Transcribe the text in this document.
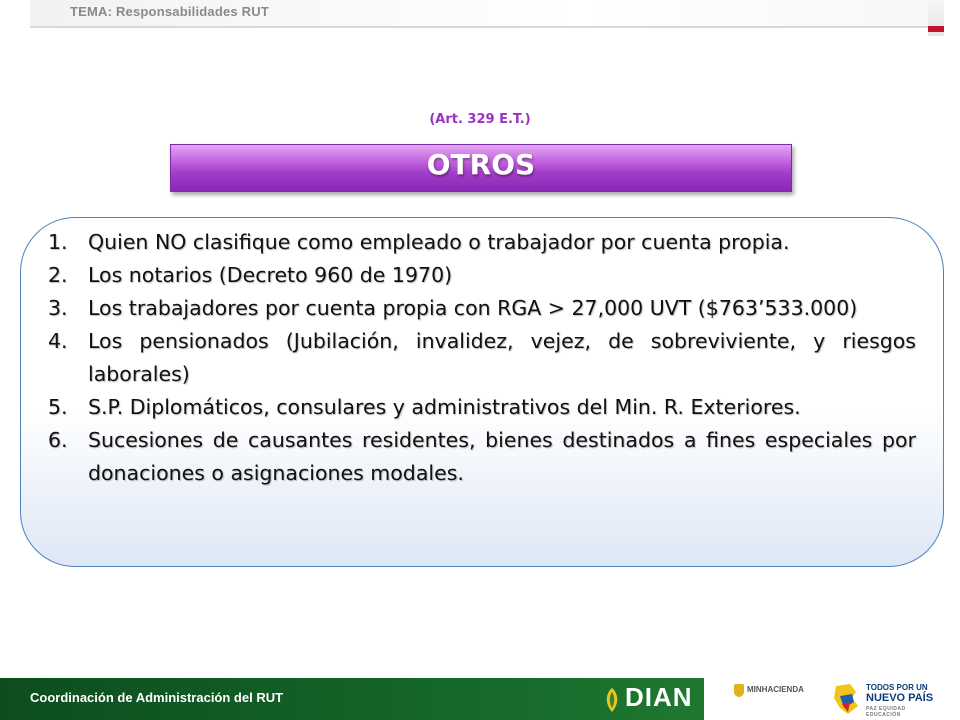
TEMA: Responsabilidades RUT
(Art. 329 E.T.)
OTROS
1. Quien NO clasifique como empleado o trabajador por cuenta propia.
2. Los notarios (Decreto 960 de 1970)
3. Los trabajadores por cuenta propia con RGA > 27,000 UVT ($763’533.000)
4. Los pensionados (Jubilación, invalidez, vejez, de sobreviviente, y riesgos laborales)
5. S.P. Diplomáticos, consulares y administrativos del Min. R. Exteriores.
6. Sucesiones de causantes residentes, bienes destinados a fines especiales por donaciones o asignaciones modales.
Coordinación de Administración del RUT	DIAN	MINHACIENDA	TODOS POR UN
NUEVO PAÍS
PAZ EQUIDAD EDUCACIÓN
